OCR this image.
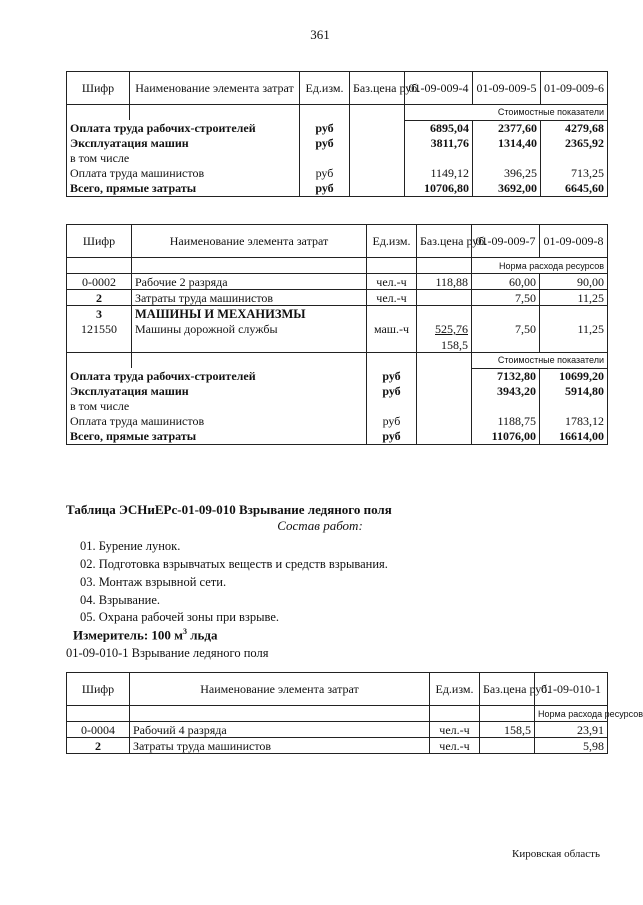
361
Шифр	Наименование элемента затрат	Ед.изм.	Баз.цена руб.	01-09-009-4	01-09-009-5	01-09-009-6
				Стоимостные показатели		
Оплата труда рабочих-строителей		руб		6895,04	2377,60	4279,68
Эксплуатация машин		руб		3811,76	1314,40	2365,92
в том числе						
Оплата труда машинистов		руб		1149,12	396,25	713,25
Всего, прямые затраты		руб		10706,80	3692,00	6645,60
Шифр	Наименование элемента затрат	Ед.изм.	Баз.цена руб.	01-09-009-7	01-09-009-8
				Норма расхода ресурсов	
0-0002	Рабочие 2 разряда	чел.-ч	118,88	60,00	90,00
2	Затраты труда машинистов	чел.-ч		7,50	11,25
3	МАШИНЫ И МЕХАНИЗМЫ				
121550	Машины дорожной службы	маш.-ч	525,76	7,50	11,25
			158,5		
				Стоимостные показатели	
Оплата труда рабочих-строителей		руб		7132,80	10699,20
Эксплуатация машин		руб		3943,20	5914,80
в том числе					
Оплата труда машинистов		руб		1188,75	1783,12
Всего, прямые затраты		руб		11076,00	16614,00
Таблица ЭСНиЕРс-01-09-010 Взрывание ледяного поля
Состав работ:
01. Бурение лунок.
02. Подготовка взрывчатых веществ и средств взрывания.
03. Монтаж взрывной сети.
04. Взрывание.
05. Охрана рабочей зоны при взрыве.
Измеритель: 100 $м^3$ льда
01-09-010-1 Взрывание ледяного поля
Шифр	Наименование элемента затрат	Ед.изм.	Баз.цена руб.	01-09-010-1
				Норма расхода ресурсов
0-0004	Рабочий 4 разряда	чел.-ч	158,5	23,91
2	Затраты труда машинистов	чел.-ч		5,98
Кировская область
